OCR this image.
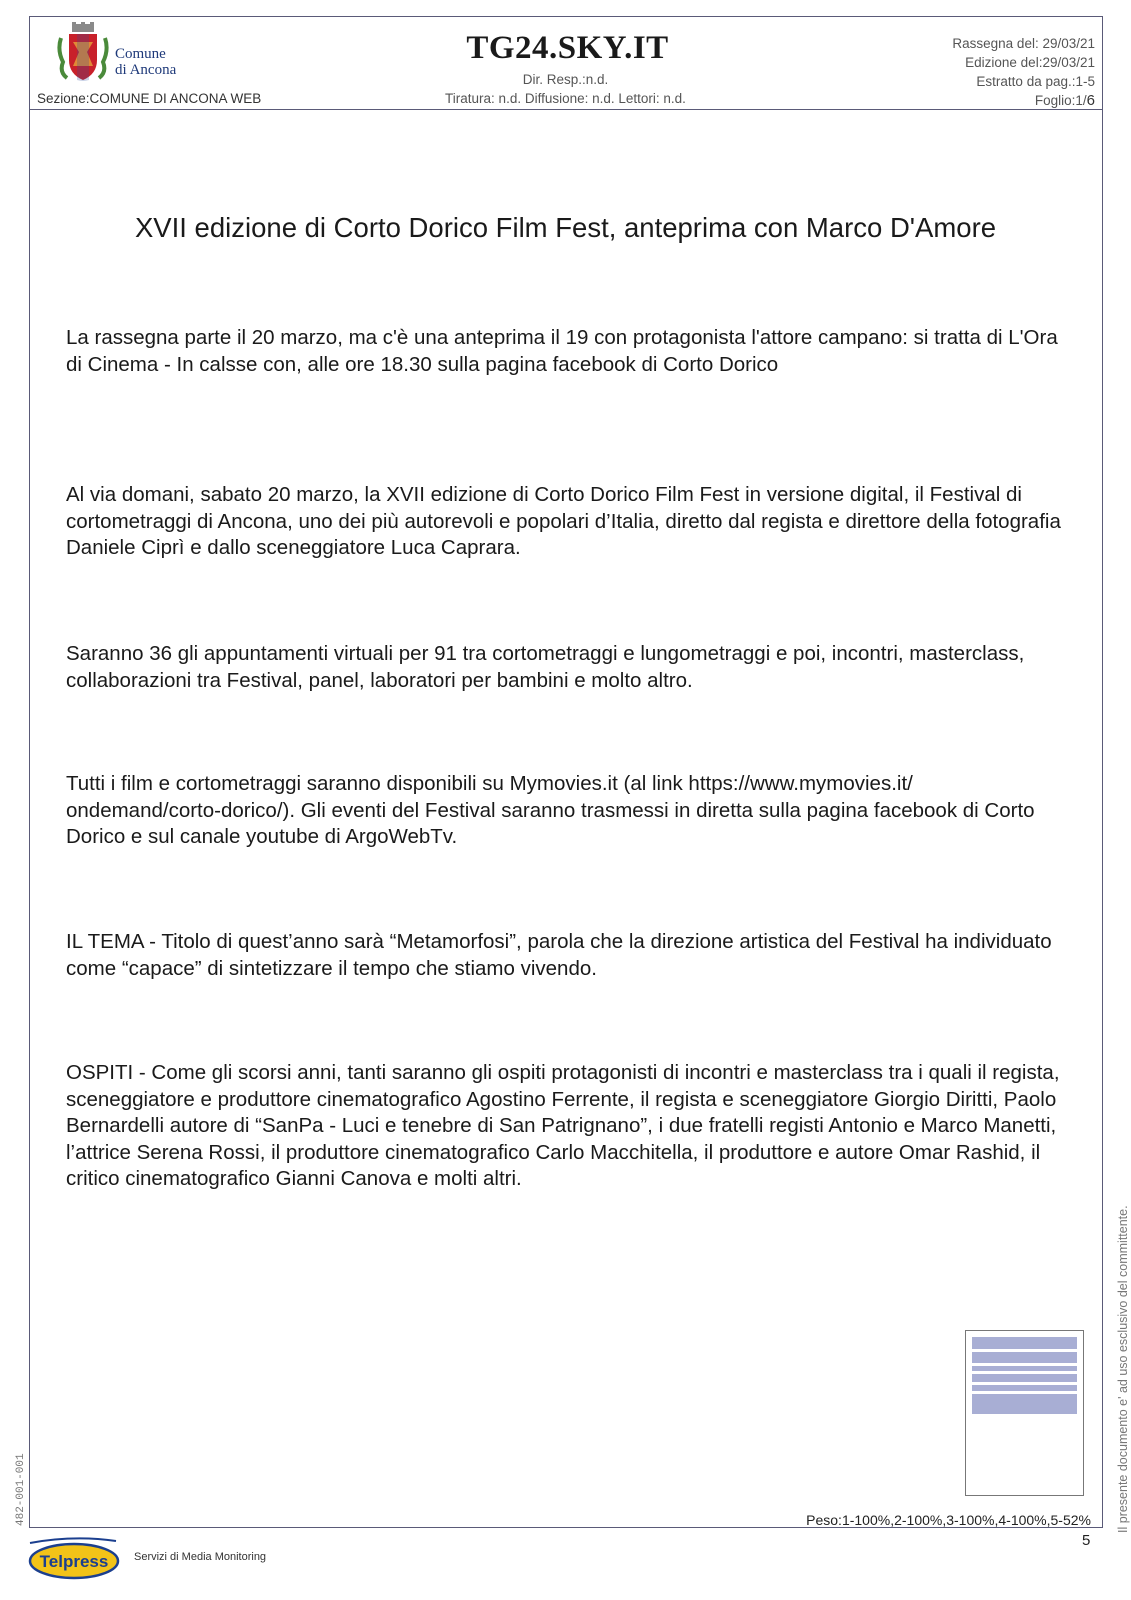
Comune
di Ancona
Sezione:COMUNE DI ANCONA WEB
TG24.SKY.IT
Dir. Resp.:n.d.
Tiratura: n.d. Diffusione: n.d. Lettori: n.d.
Rassegna del: 29/03/21
Edizione del:29/03/21
Estratto da pag.:1-5
Foglio:1/6
XVII edizione di Corto Dorico Film Fest, anteprima con Marco D'Amore

La rassegna parte il 20 marzo, ma c'è una anteprima il 19 con protagonista l'attore campano: si tratta di L'Ora di Cinema - In calsse con, alle ore 18.30 sulla pagina facebook di Corto Dorico

Al via domani, sabato 20 marzo, la XVII edizione di Corto Dorico Film Fest in versione digital, il Festival di cortometraggi di Ancona, uno dei più autorevoli e popolari d’Italia, diretto dal regista e direttore della fotografia Daniele Ciprì e dallo sceneggiatore Luca Caprara.

Saranno 36 gli appuntamenti virtuali per 91 tra cortometraggi e lungometraggi e poi, incontri, masterclass, collaborazioni tra Festival, panel, laboratori per bambini e molto altro.

Tutti i film e cortometraggi saranno disponibili su Mymovies.it (al link https://www.mymovies.it/ ondemand/corto-dorico/). Gli eventi del Festival saranno trasmessi in diretta sulla pagina facebook di Corto Dorico e sul canale youtube di ArgoWebTv.

IL TEMA - Titolo di quest’anno sarà “Metamorfosi”, parola che la direzione artistica del Festival ha individuato come “capace” di sintetizzare il tempo che stiamo vivendo.

OSPITI - Come gli scorsi anni, tanti saranno gli ospiti protagonisti di incontri e masterclass tra i quali il regista, sceneggiatore e produttore cinematografico Agostino Ferrente, il regista e sceneggiatore Giorgio Diritti, Paolo Bernardelli autore di “SanPa - Luci e tenebre di San Patrignano”, i due fratelli registi Antonio e Marco Manetti, l’attrice Serena Rossi, il produttore cinematografico Carlo Macchitella, il produttore e autore Omar Rashid, il critico cinematografico Gianni Canova e molti altri.

Peso:1-100%,2-100%,3-100%,4-100%,5-52%
5
Il presente documento e' ad uso esclusivo del committente.
482-001-001
Telpress Servizi di Media Monitoring
